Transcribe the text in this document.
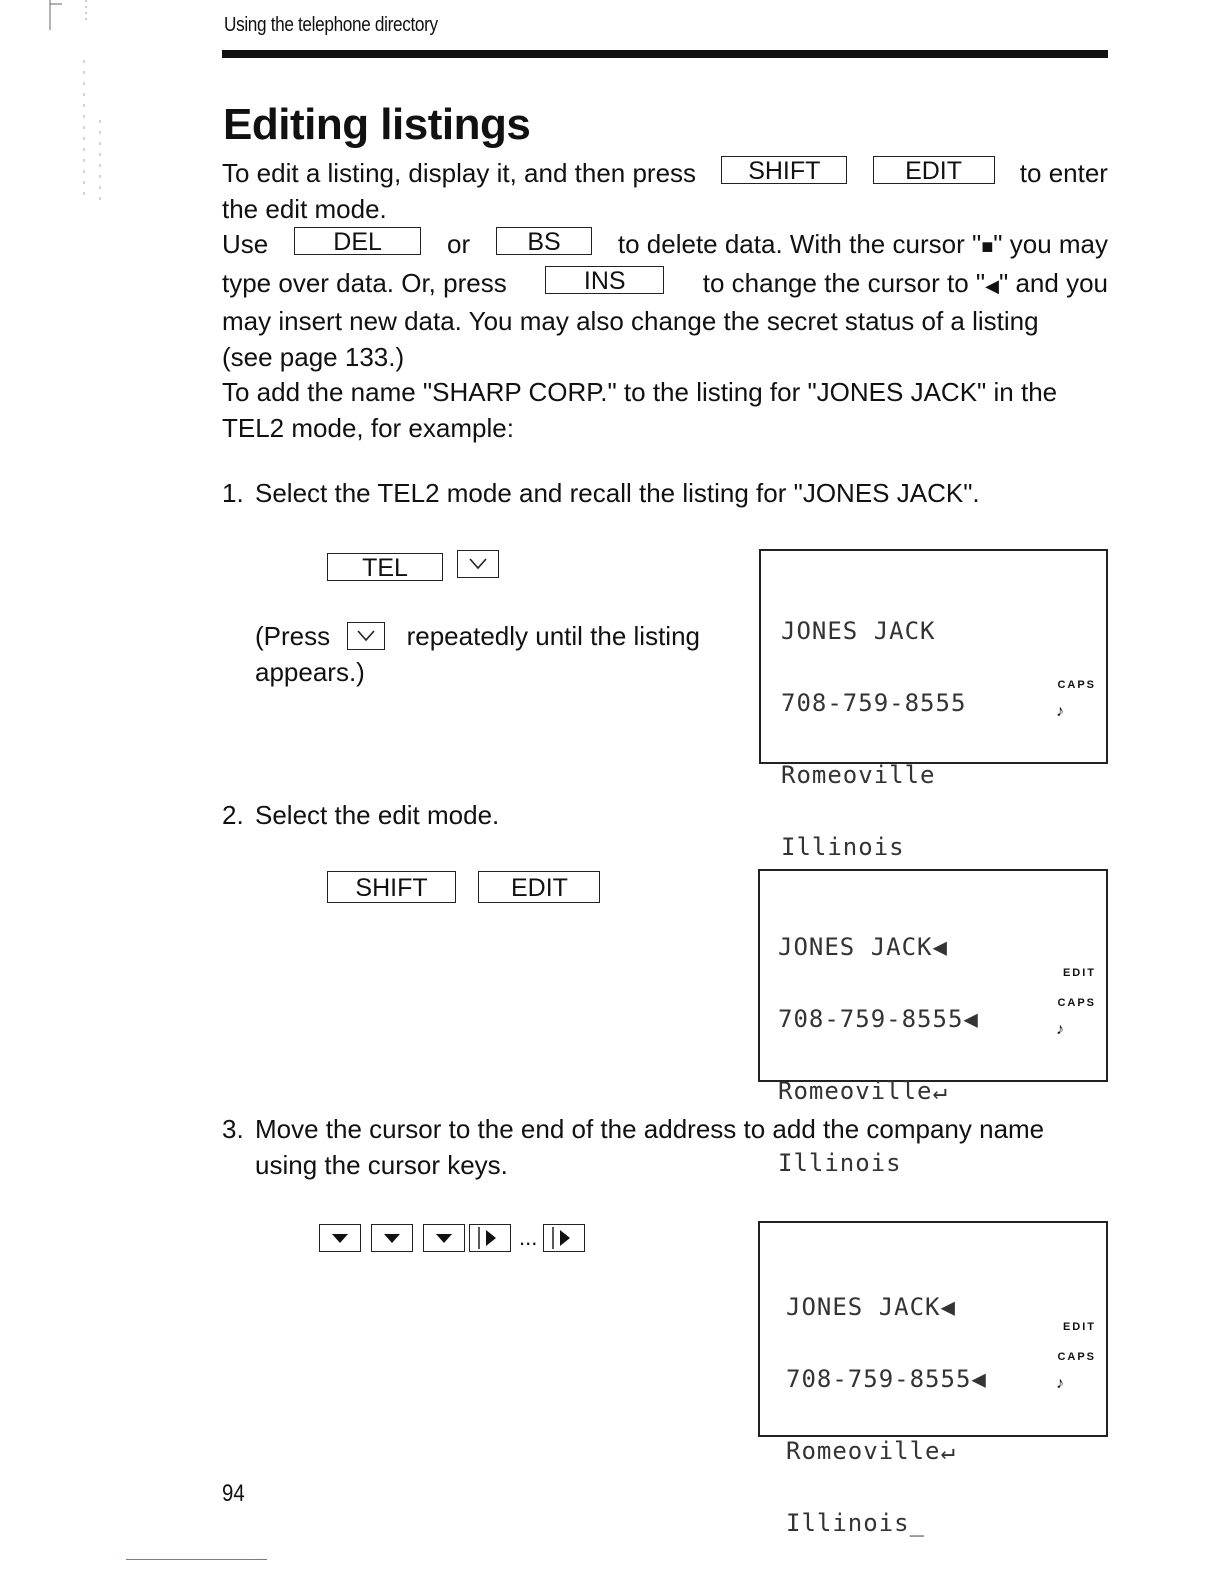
Using the telephone directory
Editing listings

To edit a listing, display it, and then press	SHIFT	EDIT	to enter

the edit mode.

Use	DEL	or	BS	to delete data. With the cursor "■" you may

type over data. Or, press	INS	to change the cursor to "◀" and you

may insert new data. You may also change the secret status of a listing

(see page 133.)

To add the name "SHARP CORP." to the listing for "JONES JACK" in the

TEL2 mode, for example:

1. Select the TEL2 mode and recall the listing for "JONES JACK".
TEL
(Press	repeatedly until the listing
appears.)

JONES JACK

708-759-8555

Romeoville

Illinois

CAPS
♪
2. Select the edit mode.
SHIFT	EDIT

JONES JACK◀

708-759-8555◀

Romeoville↵

Illinois

EDIT
CAPS
♪
3. Move the cursor to the end of the address to add the company name
using the cursor keys.
...

JONES JACK◀

708-759-8555◀

Romeoville↵

Illinois_

EDIT
CAPS
♪
94
